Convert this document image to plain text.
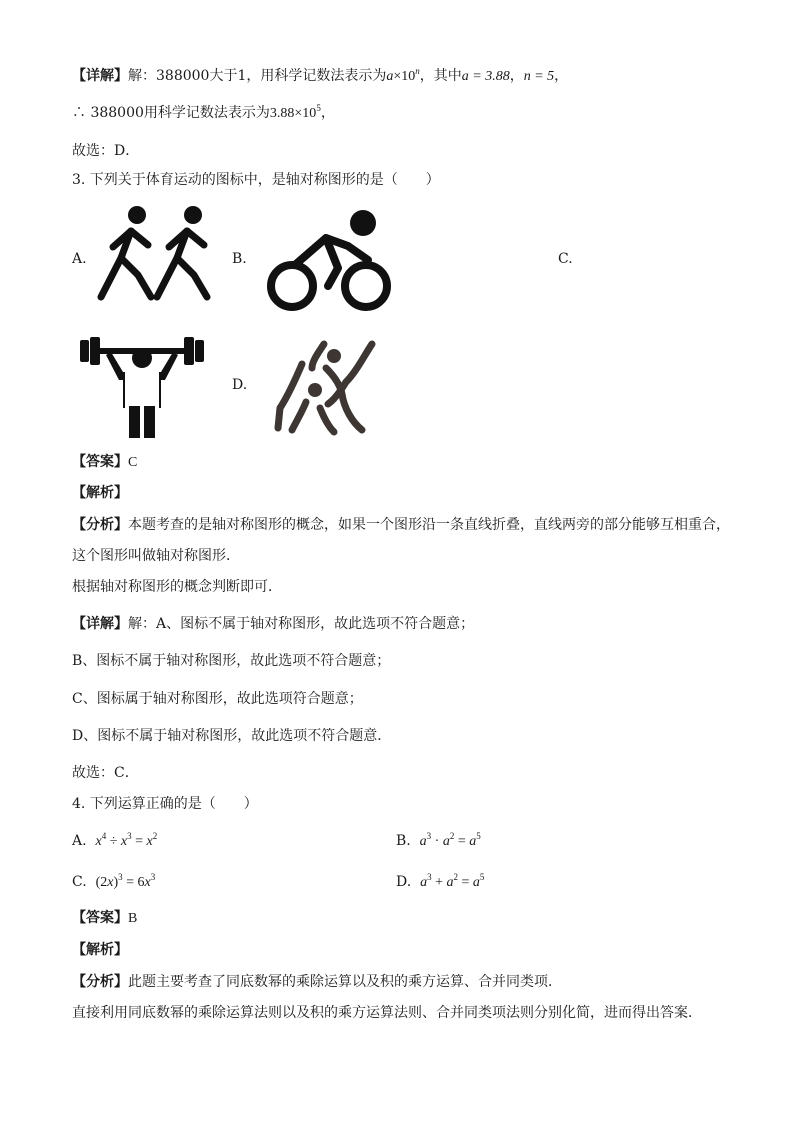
【详解】解：388000大于1，用科学记数法表示为$a\times 10^n$，其中a = 3.88，n = 5，
∴ 388000用科学记数法表示为$3.88\times 10^5$，
故选：D．
3. 下列关于体育运动的图标中，是轴对称图形的是（　　）
A.	B.	C.
D.
【答案】C
【解析】
【分析】本题考查的是轴对称图形的概念，如果一个图形沿一条直线折叠，直线两旁的部分能够互相重合，
这个图形叫做轴对称图形．
根据轴对称图形的概念判断即可．
【详解】解：A、图标不属于轴对称图形，故此选项不符合题意；
B、图标不属于轴对称图形，故此选项不符合题意；
C、图标属于轴对称图形，故此选项符合题意；
D、图标不属于轴对称图形，故此选项不符合题意．
故选：C．
4. 下列运算正确的是（　　）
A. $x^4 \div x^3 = x^2$	B. $a^3 \cdot a^2 = a^5$
C. $(2x)^3 = 6x^3$	D. $a^3 + a^2 = a^5$
【答案】B
【解析】
【分析】此题主要考查了同底数幂的乘除运算以及积的乘方运算、合并同类项．
直接利用同底数幂的乘除运算法则以及积的乘方运算法则、合并同类项法则分别化简，进而得出答案．
